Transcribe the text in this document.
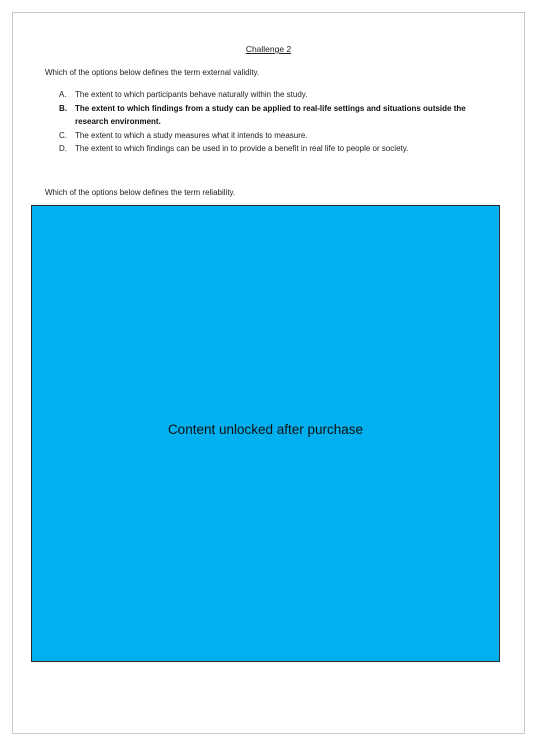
Challenge 2
Which of the options below defines the term external validity.
A.	The extent to which participants behave naturally within the study.
B.	The extent to which findings from a study can be applied to real-life settings and situations outside the research environment.
C.	The extent to which a study measures what it intends to measure.
D.	The extent to which findings can be used in to provide a benefit in real life to people or society.
Which of the options below defines the term reliability.
Content unlocked after purchase
